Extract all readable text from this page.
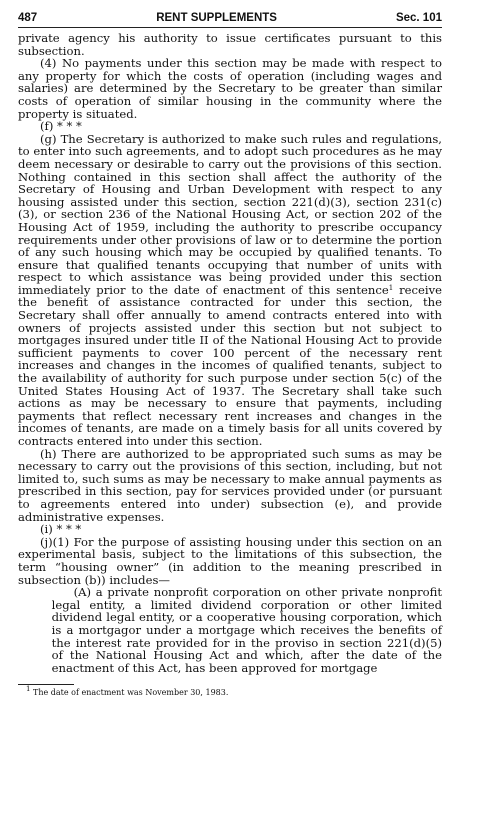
487	RENT SUPPLEMENTS	Sec. 101

private agency his authority to issue certificates pursuant to this subsection.

(4) No payments under this section may be made with respect to any property for which the costs of operation (including wages and salaries) are determined by the Secretary to be greater than similar costs of operation of similar housing in the community where the property is situated.

(f) * * *

(g) The Secretary is authorized to make such rules and regulations, to enter into such agreements, and to adopt such procedures as he may deem necessary or desirable to carry out the provisions of this section. Nothing contained in this section shall affect the authority of the Secretary of Housing and Urban Development with respect to any housing assisted under this section, section 221(d)(3), section 231(c)(3), or section 236 of the National Housing Act, or section 202 of the Housing Act of 1959, including the authority to prescribe occupancy requirements under other provisions of law or to determine the portion of any such housing which may be occupied by qualified tenants. To ensure that qualified tenants occupying that number of units with respect to which assistance was being provided under this section immediately prior to the date of enactment of this sentence$^1$ receive the benefit of assistance contracted for under this section, the Secretary shall offer annually to amend contracts entered into with owners of projects assisted under this section but not subject to mortgages insured under title II of the National Housing Act to provide sufficient payments to cover 100 percent of the necessary rent increases and changes in the incomes of qualified tenants, subject to the availability of authority for such purpose under section 5(c) of the United States Housing Act of 1937. The Secretary shall take such actions as may be necessary to ensure that payments, including payments that reflect necessary rent increases and changes in the incomes of tenants, are made on a timely basis for all units covered by contracts entered into under this section.

(h) There are authorized to be appropriated such sums as may be necessary to carry out the provisions of this section, including, but not limited to, such sums as may be necessary to make annual payments as prescribed in this section, pay for services provided under (or pursuant to agreements entered into under) subsection (e), and provide administrative expenses.

(i) * * *

(j)(1) For the purpose of assisting housing under this section on an experimental basis, subject to the limitations of this subsection, the term “housing owner” (in addition to the meaning prescribed in subsection (b)) includes—

(A) a private nonprofit corporation on other private nonprofit legal entity, a limited dividend corporation or other limited dividend legal entity, or a cooperative housing corporation, which is a mortgagor under a mortgage which receives the benefits of the interest rate provided for in the proviso in section 221(d)(5) of the National Housing Act and which, after the date of the enactment of this Act, has been approved for mortgage

$^1$ The date of enactment was November 30, 1983.
